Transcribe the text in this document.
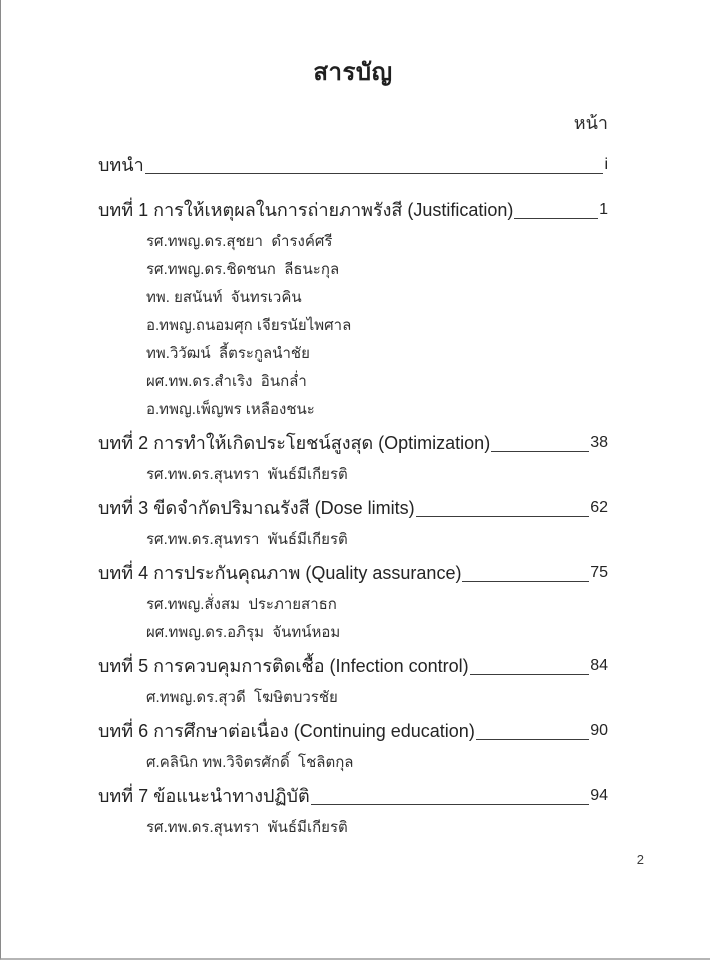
สารบัญ
หน้า
บทนำ	i
บทที่ 1 การให้เหตุผลในการถ่ายภาพรังสี (Justification)	1
รศ.ทพญ.ดร.สุชยา  ดำรงค์ศรี
รศ.ทพญ.ดร.ชิดชนก  ลีธนะกุล
ทพ. ยสนันท์  จันทรเวคิน
อ.ทพญ.ถนอมศุก เจียรนัยไพศาล
ทพ.วิวัฒน์  ลี้ตระกูลนำชัย
ผศ.ทพ.ดร.สำเริง  อินกล่ำ
อ.ทพญ.เพ็ญพร เหลืองชนะ
บทที่ 2 การทำให้เกิดประโยชน์สูงสุด (Optimization)	38
รศ.ทพ.ดร.สุนทรา  พันธ์มีเกียรติ
บทที่ 3 ขีดจำกัดปริมาณรังสี (Dose limits)	62
รศ.ทพ.ดร.สุนทรา  พันธ์มีเกียรติ
บทที่ 4 การประกันคุณภาพ (Quality assurance)	75
รศ.ทพญ.สั่งสม  ประภายสาธก
ผศ.ทพญ.ดร.อภิรุม  จันทน์หอม
บทที่ 5 การควบคุมการติดเชื้อ (Infection control)	84
ศ.ทพญ.ดร.สุวดี  โฆษิตบวรชัย
บทที่ 6 การศึกษาต่อเนื่อง (Continuing education)	90
ศ.คลินิก ทพ.วิจิตรศักดิ์  โชลิตกุล
บทที่ 7 ข้อแนะนำทางปฏิบัติ	94
รศ.ทพ.ดร.สุนทรา  พันธ์มีเกียรติ
2
